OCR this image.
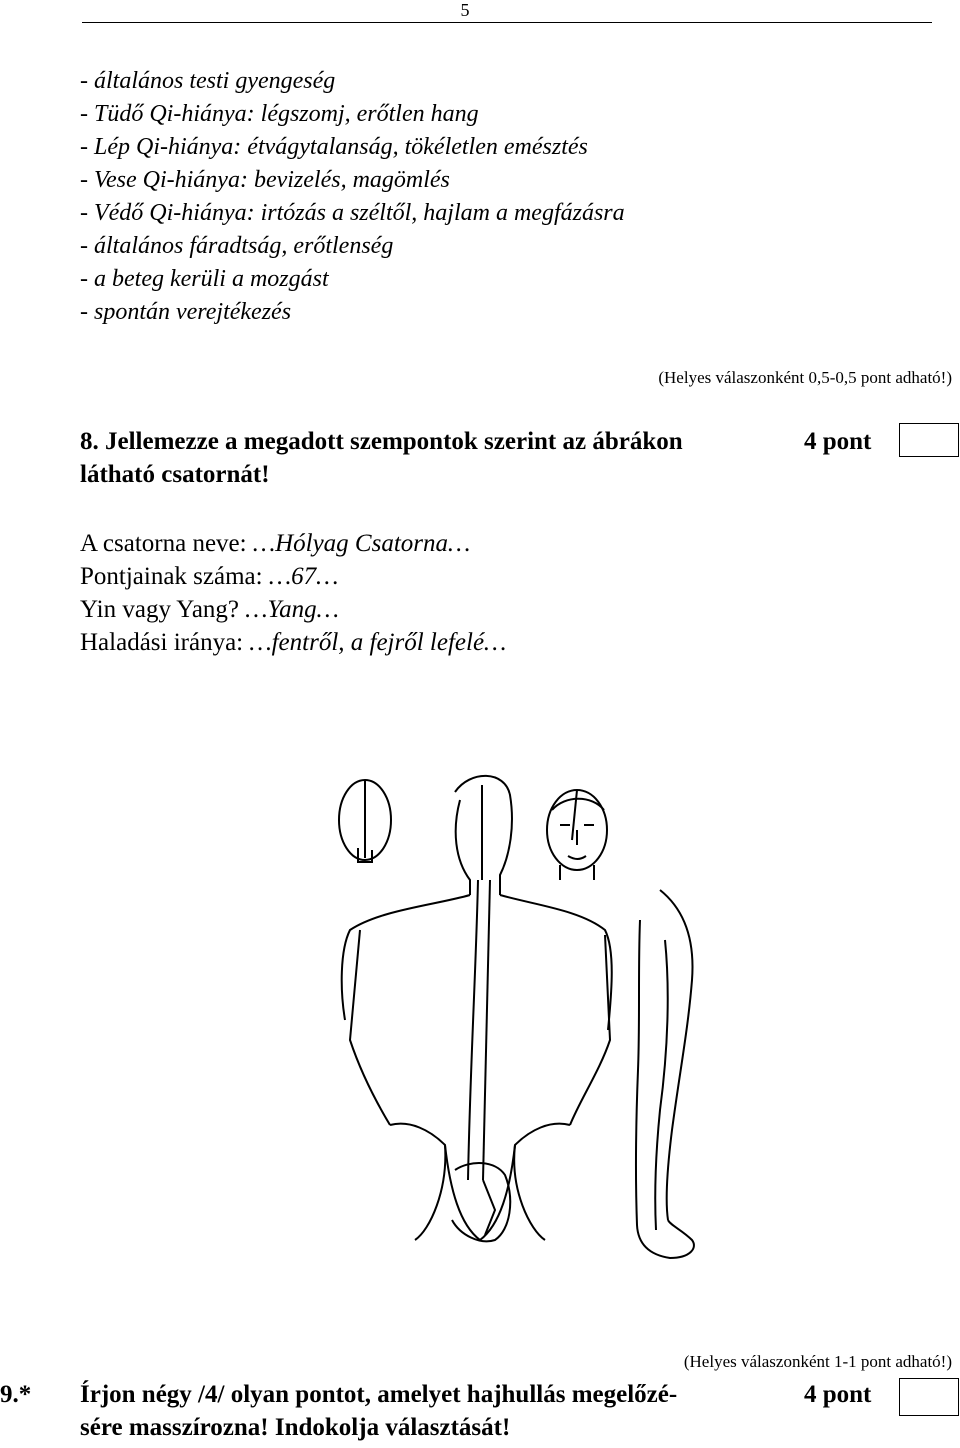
5
- általános testi gyengeség
- Tüdő Qi-hiánya: légszomj, erőtlen hang
- Lép Qi-hiánya: étvágytalanság, tökéletlen emésztés
- Vese Qi-hiánya: bevizelés, magömlés
- Védő Qi-hiánya: irtózás a széltől, hajlam a megfázásra
- általános fáradtság, erőtlenség
- a beteg kerüli a mozgást
- spontán verejtékezés
(Helyes válaszonként 0,5-0,5 pont adható!)
8. Jellemezze a megadott szempontok szerint az ábrákon
látható csatornát!
4 pont
A csatorna neve: …Hólyag Csatorna…
Pontjainak száma: …67…
Yin vagy Yang? …Yang…
Haladási iránya: …fentről, a fejről lefelé…
(Helyes válaszonként 1-1 pont adható!)
9.* Írjon négy /4/ olyan pontot, amelyet hajhullás megelőzé-
sére masszírozna! Indokolja választását!
4 pont
